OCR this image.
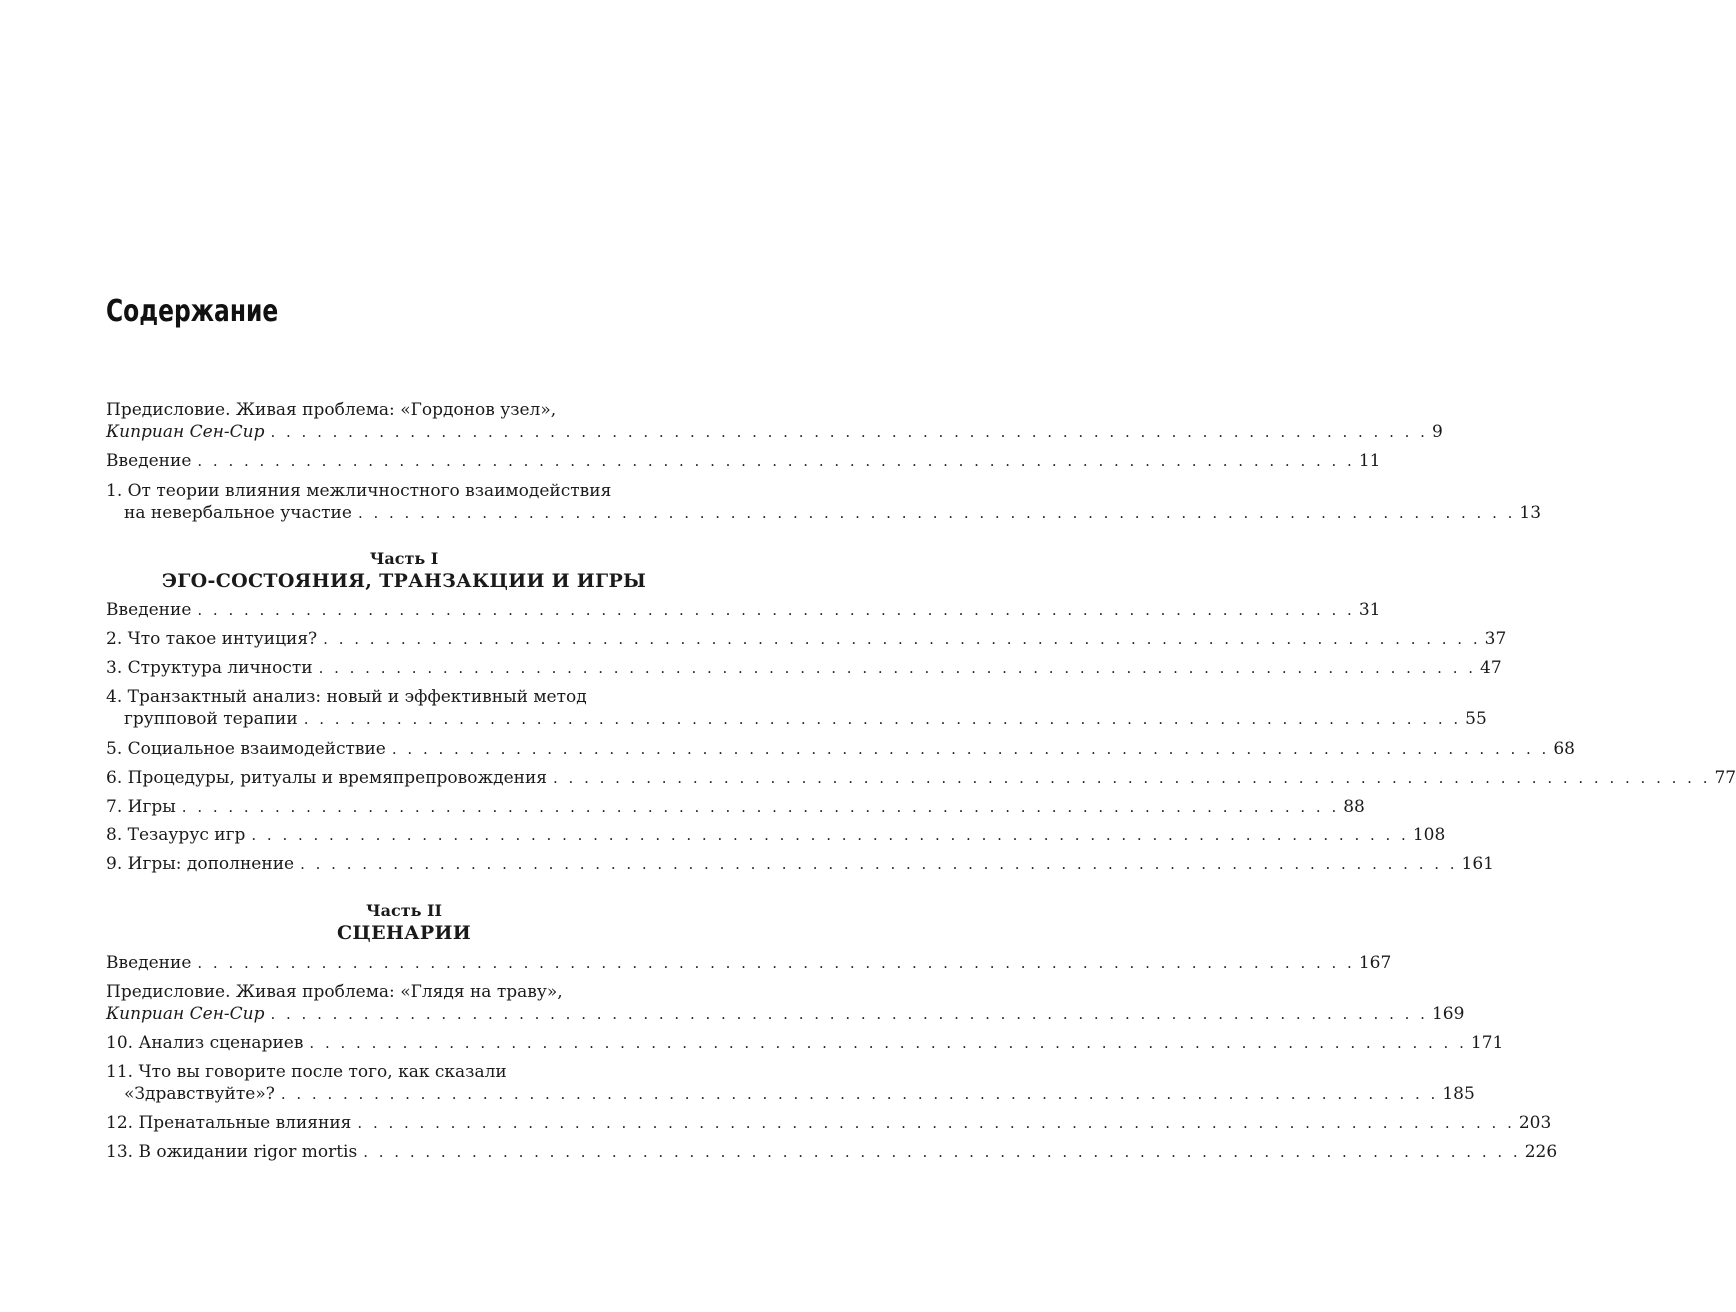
Содержание
Предисловие. Живая проблема: «Гордонов узел»,
Киприан Сен-Сир . . . . . . . . . . . . . . . . . . . . . . . . . . . . . . . . . . . . . . . . . . . . . . . . . . . . . . . . . . . . . . . . . . . . . . . . . . . 9
Введение . . . . . . . . . . . . . . . . . . . . . . . . . . . . . . . . . . . . . . . . . . . . . . . . . . . . . . . . . . . . . . . . . . . . . . . . . . . 11
1. От теории влияния межличностного взаимодействия
на невербальное участие . . . . . . . . . . . . . . . . . . . . . . . . . . . . . . . . . . . . . . . . . . . . . . . . . . . . . . . . . . . . . . . . . . . . . . . . . . . 13
Часть I
ЭГО-СОСТОЯНИЯ, ТРАНЗАКЦИИ И ИГРЫ
Введение . . . . . . . . . . . . . . . . . . . . . . . . . . . . . . . . . . . . . . . . . . . . . . . . . . . . . . . . . . . . . . . . . . . . . . . . . . . 31
2. Что такое интуиция? . . . . . . . . . . . . . . . . . . . . . . . . . . . . . . . . . . . . . . . . . . . . . . . . . . . . . . . . . . . . . . . . . . . . . . . . . . . 37
3. Структура личности . . . . . . . . . . . . . . . . . . . . . . . . . . . . . . . . . . . . . . . . . . . . . . . . . . . . . . . . . . . . . . . . . . . . . . . . . . . 47
4. Транзактный анализ: новый и эффективный метод
групповой терапии . . . . . . . . . . . . . . . . . . . . . . . . . . . . . . . . . . . . . . . . . . . . . . . . . . . . . . . . . . . . . . . . . . . . . . . . . . . 55
5. Социальное взаимодействие . . . . . . . . . . . . . . . . . . . . . . . . . . . . . . . . . . . . . . . . . . . . . . . . . . . . . . . . . . . . . . . . . . . . . . . . . . . 68
6. Процедуры, ритуалы и времяпрепровождения . . . . . . . . . . . . . . . . . . . . . . . . . . . . . . . . . . . . . . . . . . . . . . . . . . . . . . . . . . . . . . . . . . . . . . . . . . . 77
7. Игры . . . . . . . . . . . . . . . . . . . . . . . . . . . . . . . . . . . . . . . . . . . . . . . . . . . . . . . . . . . . . . . . . . . . . . . . . . . 88
8. Тезаурус игр . . . . . . . . . . . . . . . . . . . . . . . . . . . . . . . . . . . . . . . . . . . . . . . . . . . . . . . . . . . . . . . . . . . . . . . . . . . 108
9. Игры: дополнение . . . . . . . . . . . . . . . . . . . . . . . . . . . . . . . . . . . . . . . . . . . . . . . . . . . . . . . . . . . . . . . . . . . . . . . . . . . 161
Часть II
СЦЕНАРИИ
Введение . . . . . . . . . . . . . . . . . . . . . . . . . . . . . . . . . . . . . . . . . . . . . . . . . . . . . . . . . . . . . . . . . . . . . . . . . . . 167
Предисловие. Живая проблема: «Глядя на траву»,
Киприан Сен-Сир . . . . . . . . . . . . . . . . . . . . . . . . . . . . . . . . . . . . . . . . . . . . . . . . . . . . . . . . . . . . . . . . . . . . . . . . . . . 169
10. Анализ сценариев . . . . . . . . . . . . . . . . . . . . . . . . . . . . . . . . . . . . . . . . . . . . . . . . . . . . . . . . . . . . . . . . . . . . . . . . . . . 171
11. Что вы говорите после того, как сказали
«Здравствуйте»? . . . . . . . . . . . . . . . . . . . . . . . . . . . . . . . . . . . . . . . . . . . . . . . . . . . . . . . . . . . . . . . . . . . . . . . . . . . 185
12. Пренатальные влияния . . . . . . . . . . . . . . . . . . . . . . . . . . . . . . . . . . . . . . . . . . . . . . . . . . . . . . . . . . . . . . . . . . . . . . . . . . . 203
13. В ожидании rigor mortis . . . . . . . . . . . . . . . . . . . . . . . . . . . . . . . . . . . . . . . . . . . . . . . . . . . . . . . . . . . . . . . . . . . . . . . . . . . 226
